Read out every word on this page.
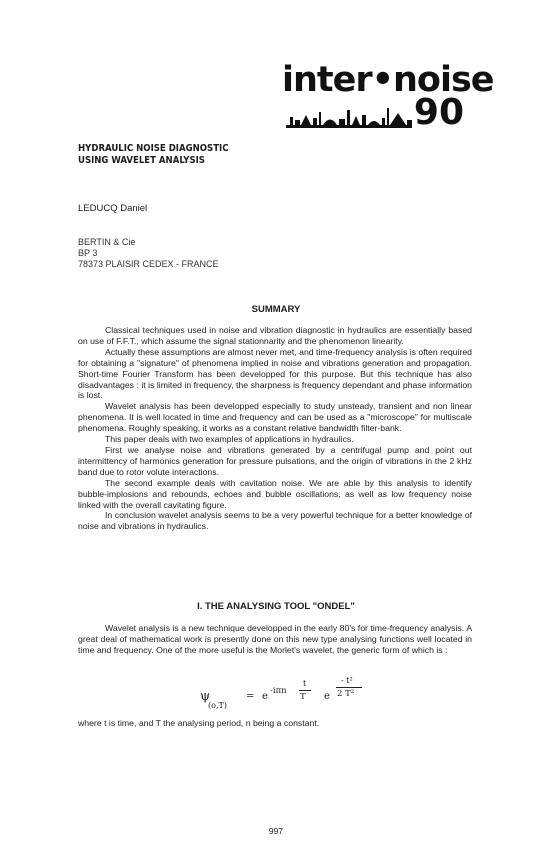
inter•noise
90
HYDRAULIC NOISE DIAGNOSTIC
USING WAVELET ANALYSIS
LEDUCQ Daniel
BERTIN & Cie
BP 3
78373 PLAISIR CEDEX - FRANCE
SUMMARY

Classical techniques used in noise and vibration diagnostic in hydraulics are essentially based on use of F.F.T., which assume the signal stationnarity and the phenomenon linearity.

Actually these assumptions are almost never met, and time-frequency analysis is often required for obtaining a "signature" of phenomena implied in noise and vibrations generation and propagation. Short-time Fourier Transform has been developped for this purpose. But this technique has also disadvantages : it is limited in frequency, the sharpness is frequency dependant and phase information is lost.

Wavelet analysis has been developped especially to study unsteady, transient and non linear phenomena. It is well located in time and frequency and can be used as a "microscope" for multiscale phenomena. Roughly speaking, it works as a constant relative bandwidth filter-bank.

This paper deals with two examples of applications in hydraulics.

First we analyse noise and vibrations generated by a centrifugal pump and point out intermittency of harmonics generation for pressure pulsations, and the origin of vibrations in the 2 kHz band due to rotor volute interactions.

The second example deals with cavitation noise. We are able by this analysis to identify bubble-implosions and rebounds, echoes and bubble oscillations, as well as low frequency noise linked with the overall cavitating figure.

In conclusion wavelet analysis seems to be a very powerful technique for a better knowledge of noise and vibrations in hydraulics.

I. THE ANALYSING TOOL "ONDEL"

Wavelet analysis is a new technique developped in the early 80's for time-frequency analysis. A great deal of mathematical work is presently done on this new type analysing functions well located in time and frequency. One of the more useful is the Morlet's wavelet, the generic form of which is :

ψ
(o,T)
= e -iπn
t
T e
- t²
2 T²
where t is time, and T the analysing period, n being a constant.
997
